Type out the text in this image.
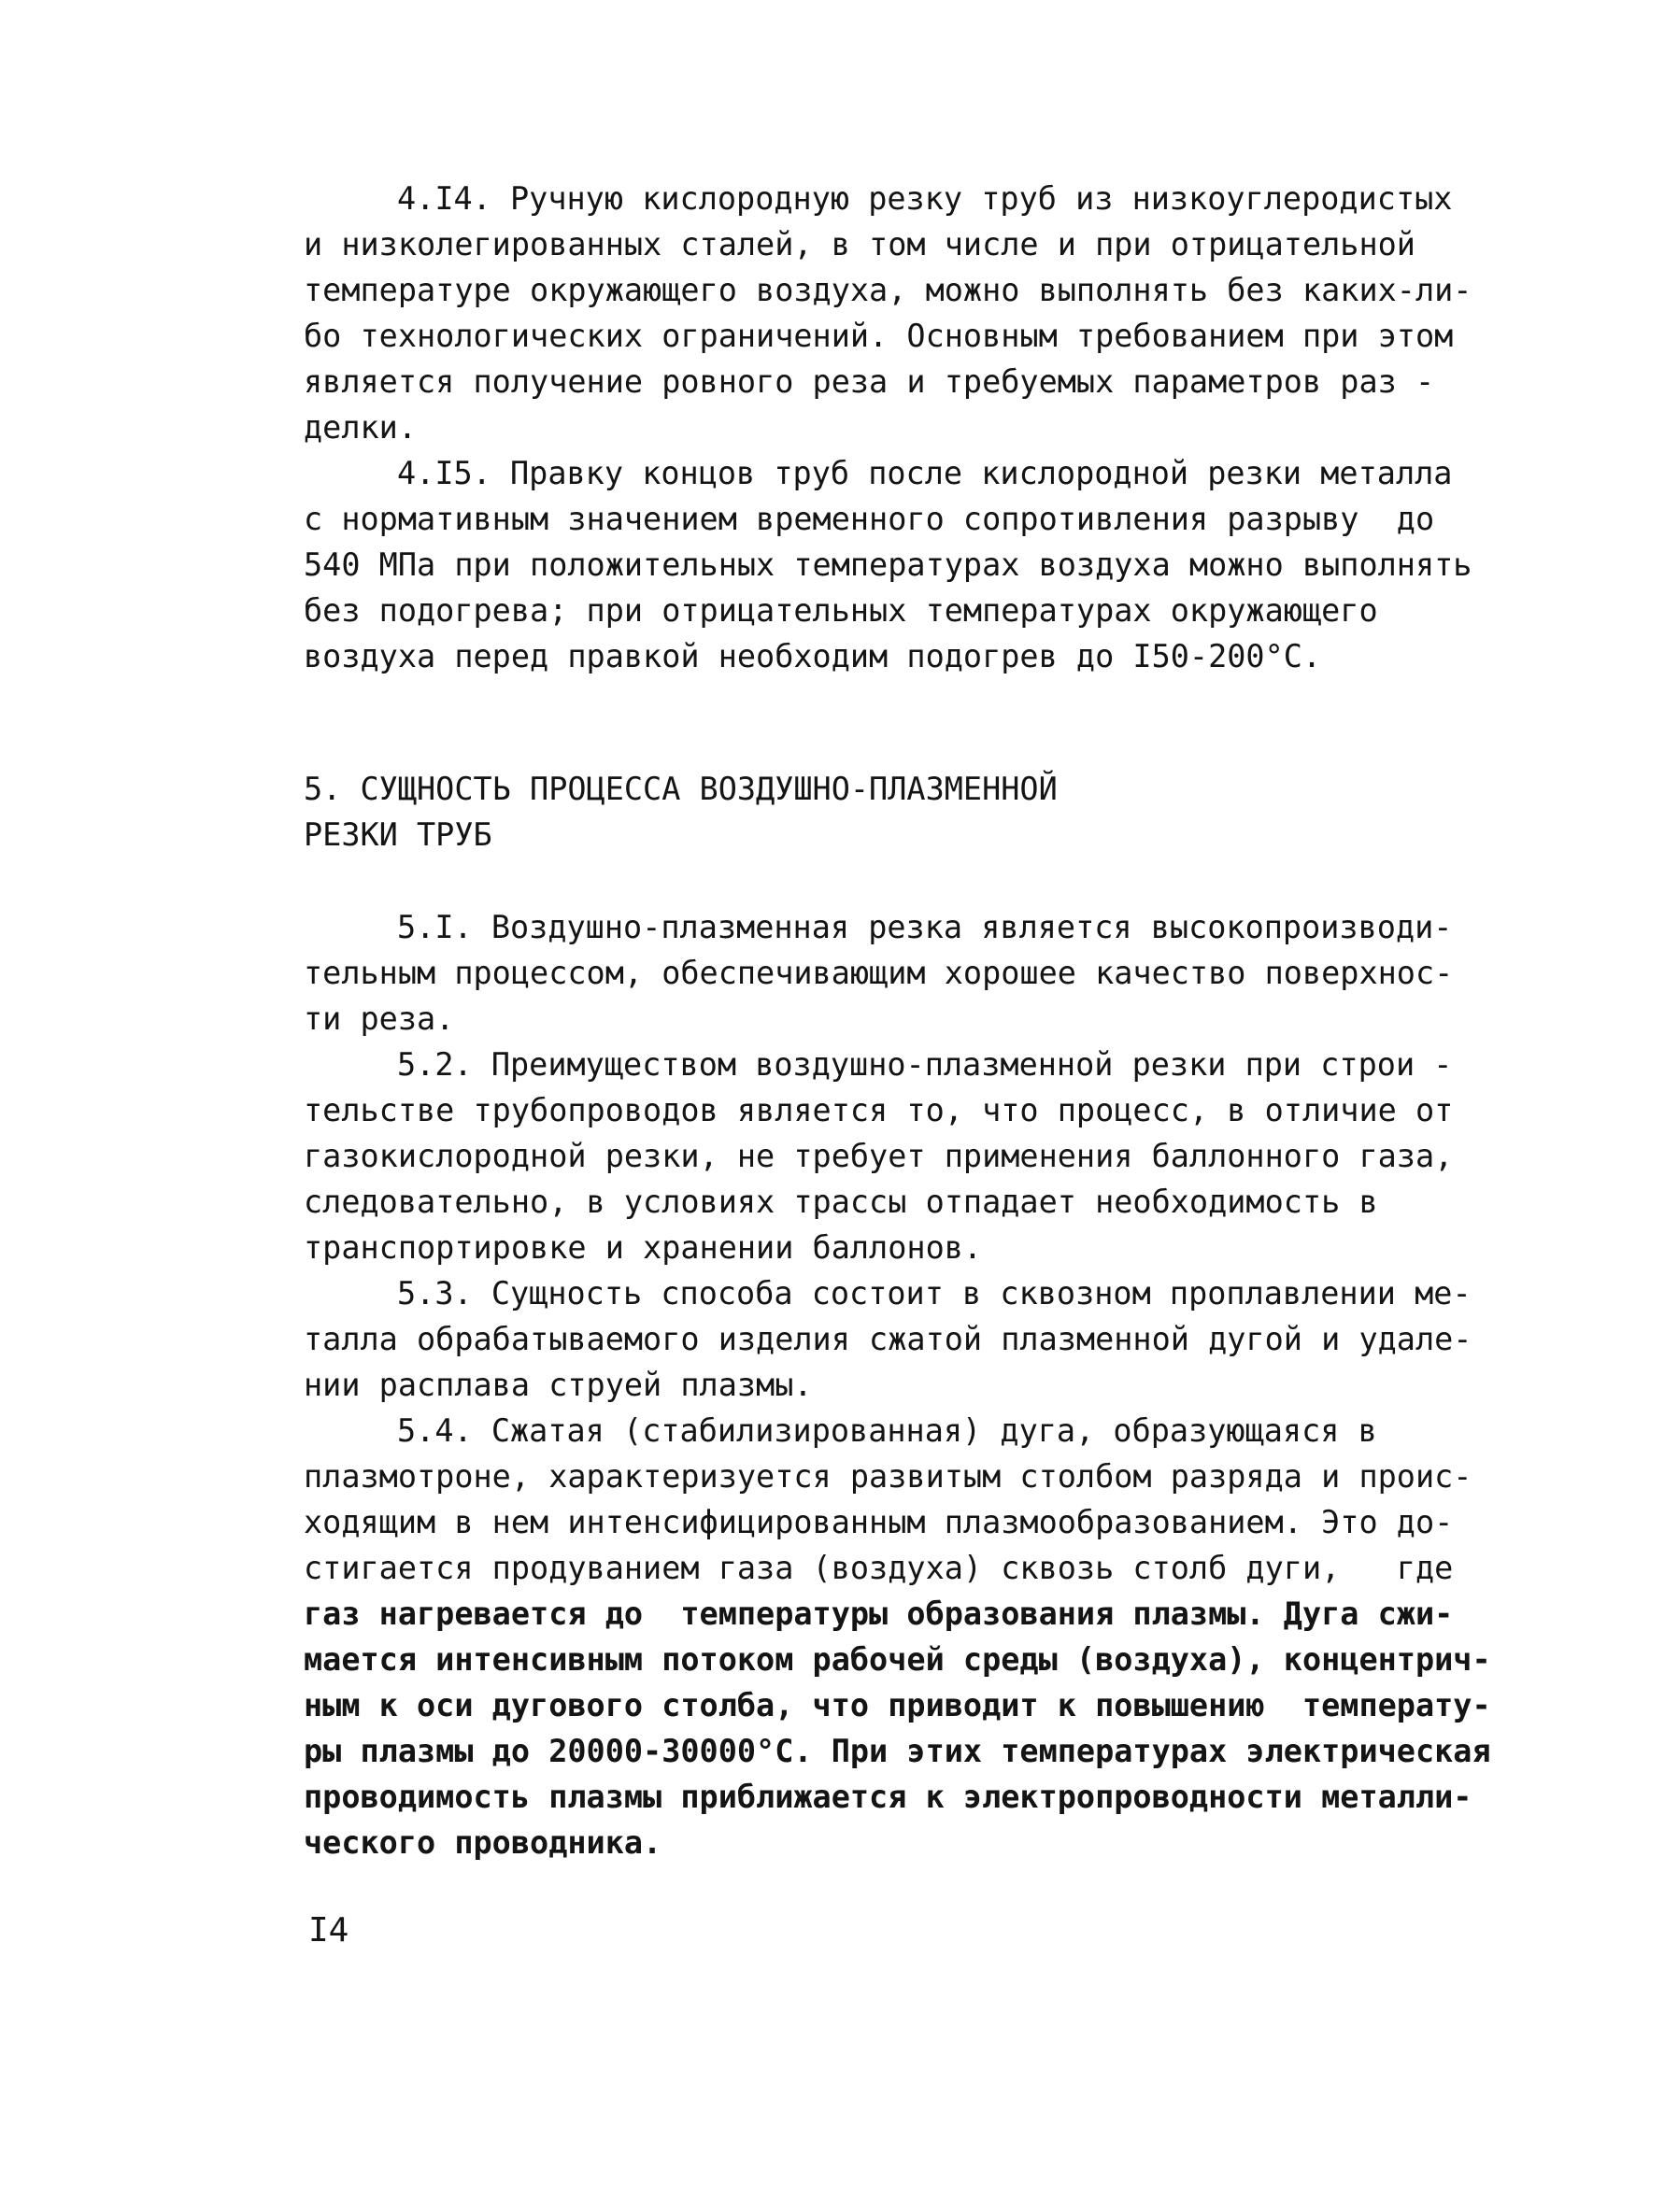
4.I4. Ручную кислородную резку труб из низкоуглеродистых
и низколегированных сталей, в том числе и при отрицательной
температуре окружающего воздуха, можно выполнять без каких-ли-
бо технологических ограничений. Основным требованием при этом
является получение ровного реза и требуемых параметров раз -
делки.
4.I5. Правку концов труб после кислородной резки металла
с нормативным значением временного сопротивления разрыву  до
540 МПа при положительных температурах воздуха можно выполнять
без подогрева; при отрицательных температурах окружающего
воздуха перед правкой необходим подогрев до I50-200°С.
5. СУЩНОСТЬ ПРОЦЕССА ВОЗДУШНО-ПЛАЗМЕННОЙ
РЕЗКИ ТРУБ
5.I. Воздушно-плазменная резка является высокопроизводи-
тельным процессом, обеспечивающим хорошее качество поверхнос-
ти реза.
5.2. Преимуществом воздушно-плазменной резки при строи -
тельстве трубопроводов является то, что процесс, в отличие от
газокислородной резки, не требует применения баллонного газа,
следовательно, в условиях трассы отпадает необходимость в
транспортировке и хранении баллонов.
5.3. Сущность способа состоит в сквозном проплавлении ме-
талла обрабатываемого изделия сжатой плазменной дугой и удале-
нии расплава струей плазмы.
5.4. Сжатая (стабилизированная) дуга, образующаяся в
плазмотроне, характеризуется развитым столбом разряда и проис-
ходящим в нем интенсифицированным плазмообразованием. Это до-
стигается продуванием газа (воздуха) сквозь столб дуги,   где
газ нагревается до  температуры образования плазмы. Дуга сжи-
мается интенсивным потоком рабочей среды (воздуха), концентрич-
ным к оси дугового столба, что приводит к повышению  температу-
ры плазмы до 20000-30000°С. При этих температурах электрическая
проводимость плазмы приближается к электропроводности металли-
ческого проводника.
I4
